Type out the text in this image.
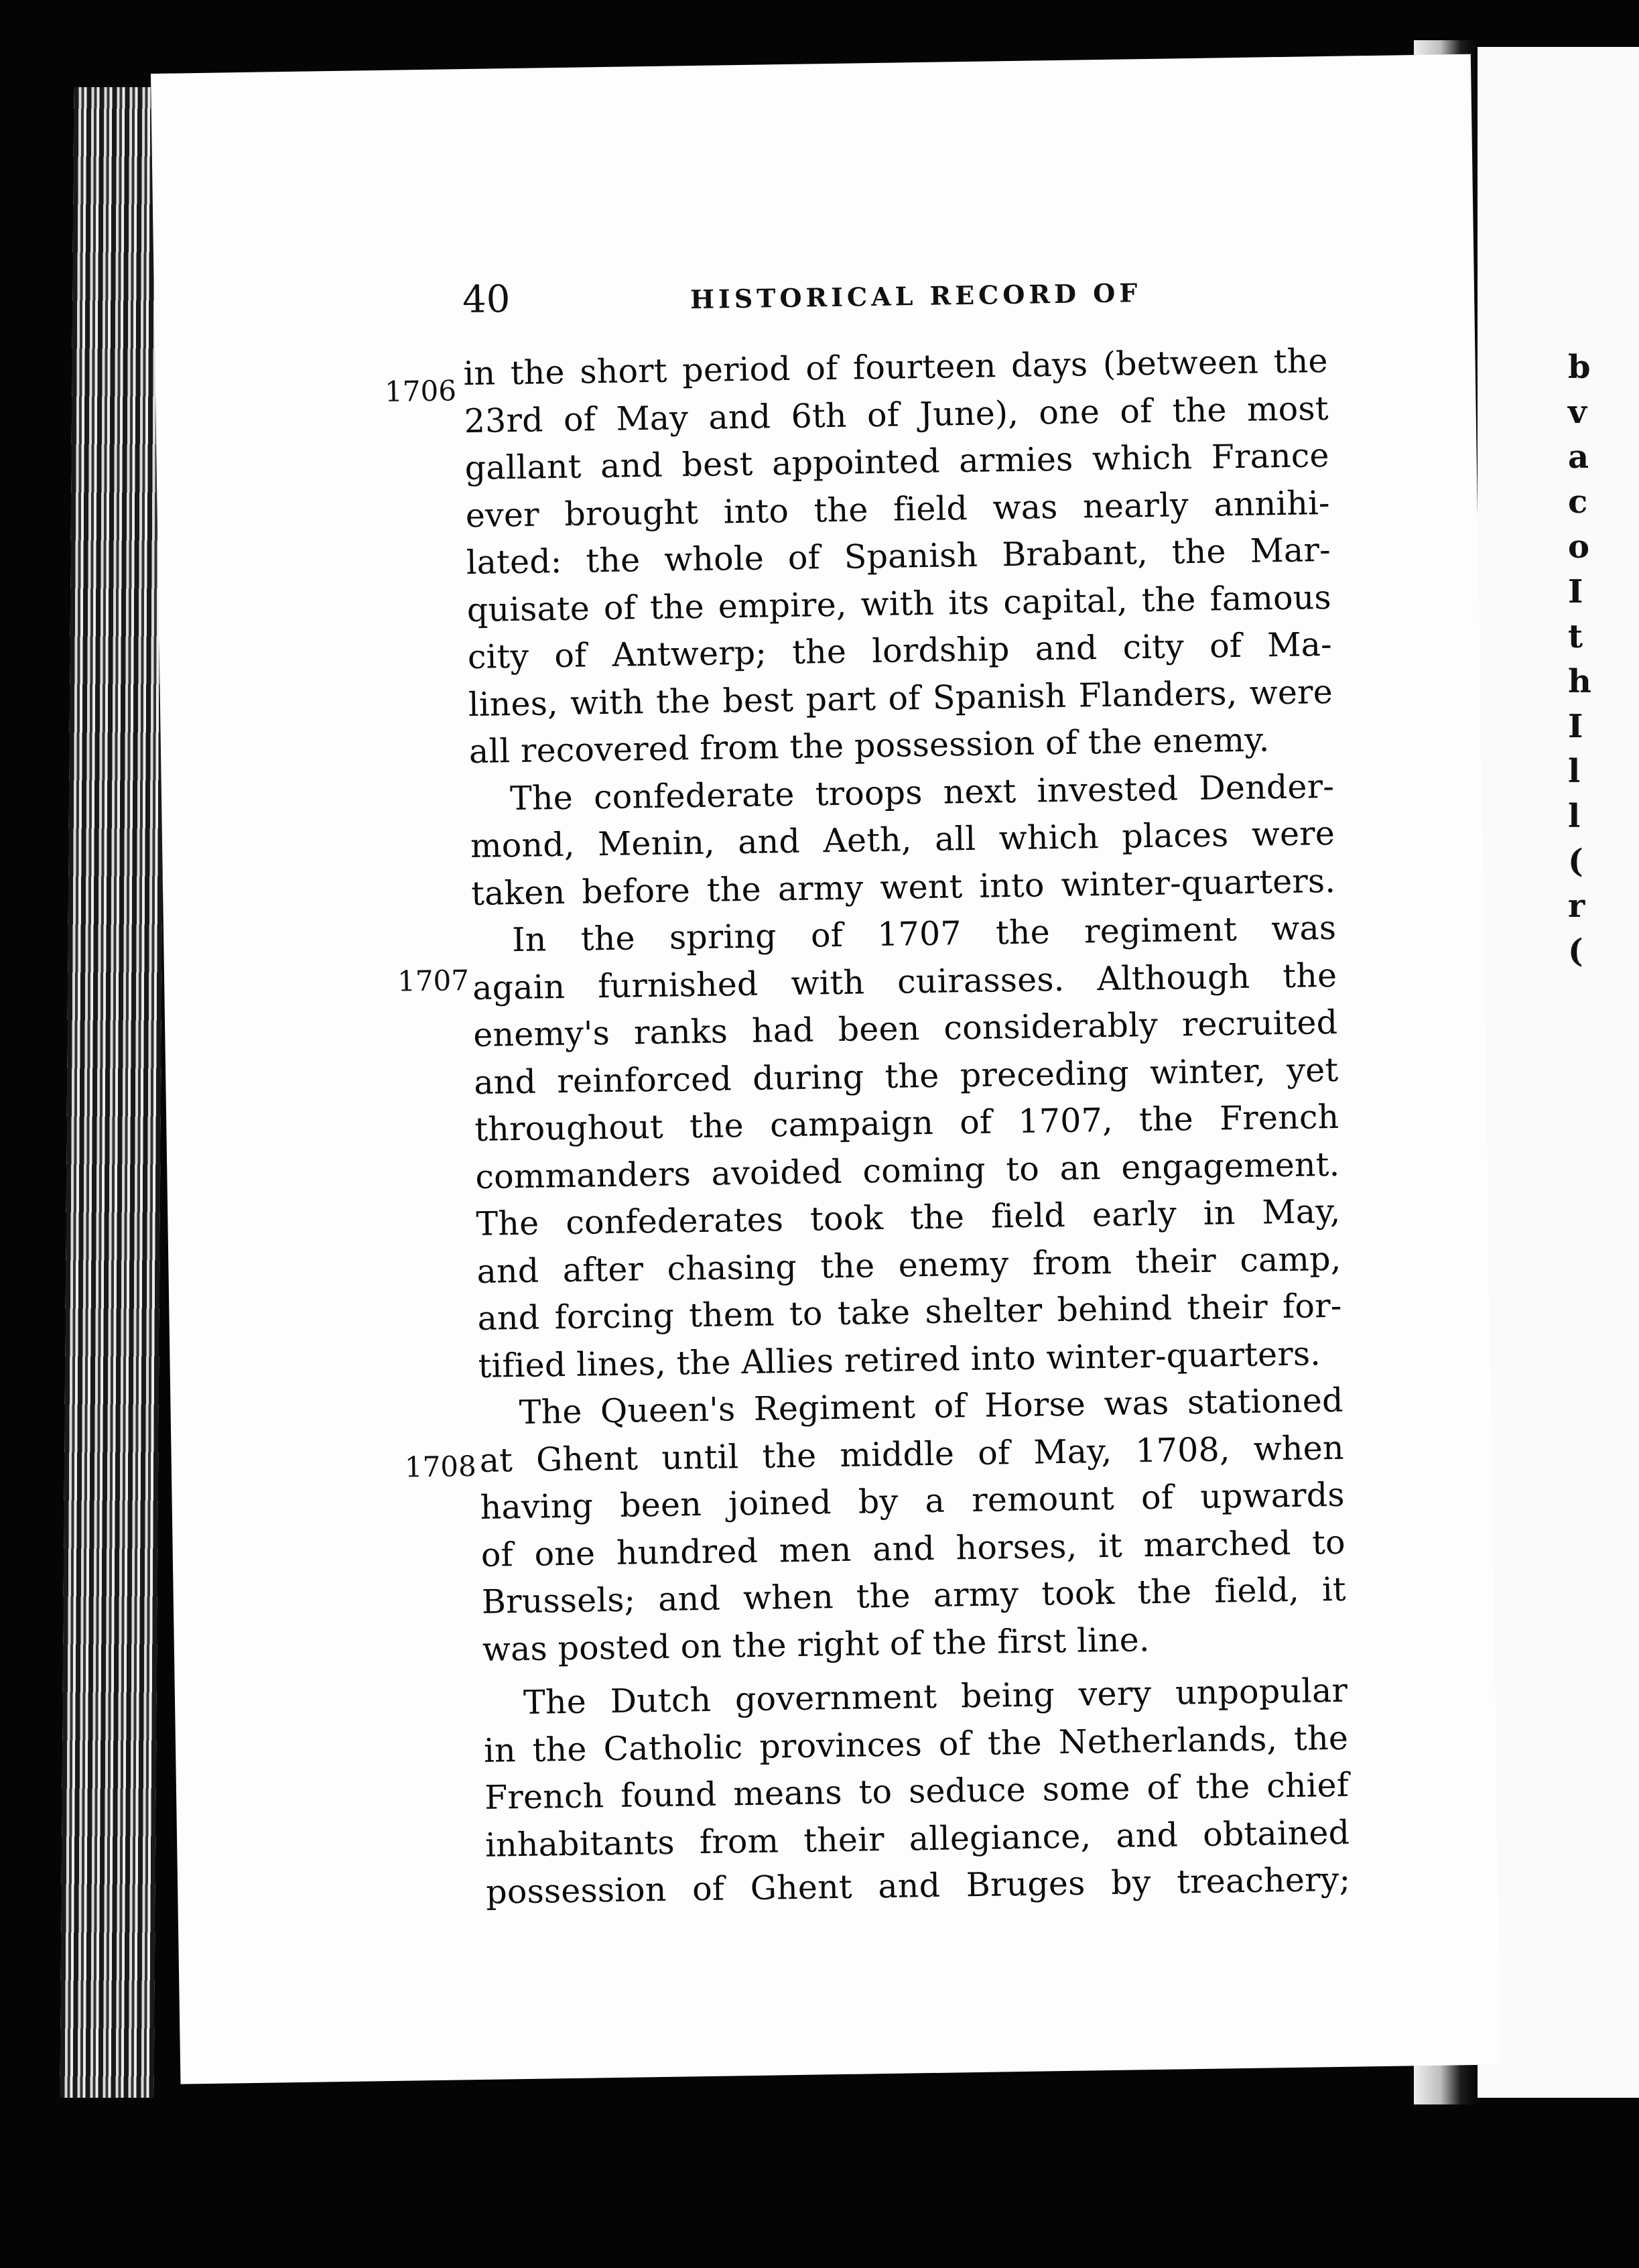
b
v
a
c
o
I
t
h
I
l
l
(
r
(
40	HISTORICAL RECORD OF
1706
1707
1708
in the short period of fourteen days (between the
23rd of May and 6th of June), one of the most
gallant and best appointed armies which France
ever brought into the field was nearly annihi-
lated: the whole of Spanish Brabant, the Mar-
quisate of the empire, with its capital, the famous
city of Antwerp; the lordship and city of Ma-
lines, with the best part of Spanish Flanders, were
all recovered from the possession of the enemy.
The confederate troops next invested Dender-
mond, Menin, and Aeth, all which places were
taken before the army went into winter-quarters.
In the spring of 1707 the regiment was
again furnished with cuirasses. Although the
enemy's ranks had been considerably recruited
and reinforced during the preceding winter, yet
throughout the campaign of 1707, the French
commanders avoided coming to an engagement.
The confederates took the field early in May,
and after chasing the enemy from their camp,
and forcing them to take shelter behind their for-
tified lines, the Allies retired into winter-quarters.
The Queen's Regiment of Horse was stationed
at Ghent until the middle of May, 1708, when
having been joined by a remount of upwards
of one hundred men and horses, it marched to
Brussels; and when the army took the field, it
was posted on the right of the first line.
The Dutch government being very unpopular
in the Catholic provinces of the Netherlands, the
French found means to seduce some of the chief
inhabitants from their allegiance, and obtained
possession of Ghent and Bruges by treachery;
